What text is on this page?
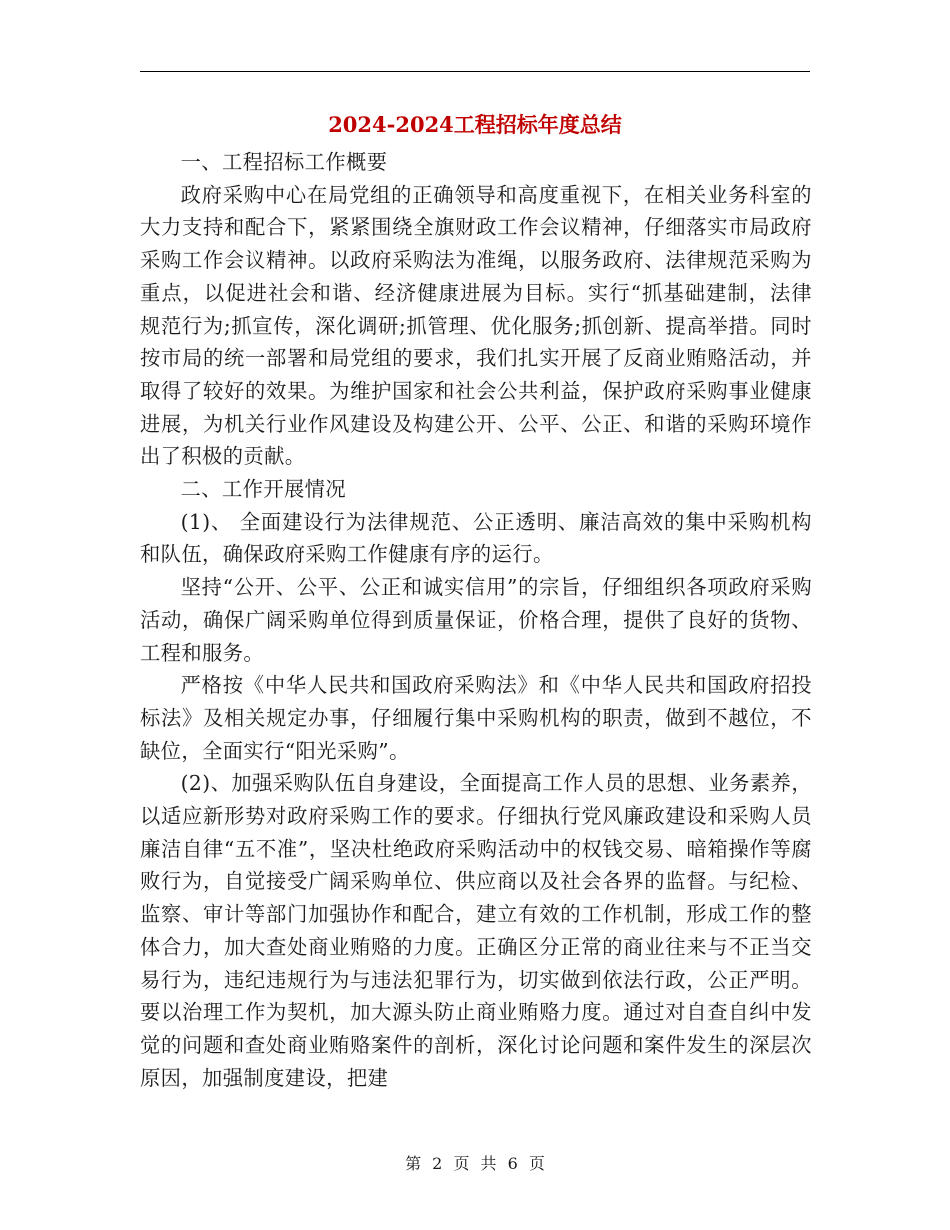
2024-2024工程招标年度总结

一、工程招标工作概要

政府采购中心在局党组的正确领导和高度重视下，在相关业务科室的大力支持和配合下，紧紧围绕全旗财政工作会议精神，仔细落实市局政府采购工作会议精神。以政府采购法为准绳，以服务政府、法律规范采购为重点，以促进社会和谐、经济健康进展为目标。实行“抓基础建制，法律规范行为;抓宣传，深化调研;抓管理、优化服务;抓创新、提高举措。同时按市局的统一部署和局党组的要求，我们扎实开展了反商业贿赂活动，并取得了较好的效果。为维护国家和社会公共利益，保护政府采购事业健康进展，为机关行业作风建设及构建公开、公平、公正、和谐的采购环境作出了积极的贡献。

二、工作开展情况

(1)、 全面建设行为法律规范、公正透明、廉洁高效的集中采购机构和队伍，确保政府采购工作健康有序的运行。

坚持“公开、公平、公正和诚实信用”的宗旨，仔细组织各项政府采购活动，确保广阔采购单位得到质量保证，价格合理，提供了良好的货物、工程和服务。

严格按《中华人民共和国政府采购法》和《中华人民共和国政府招投标法》及相关规定办事，仔细履行集中采购机构的职责，做到不越位，不缺位，全面实行“阳光采购”。

(2)、加强采购队伍自身建设，全面提高工作人员的思想、业务素养，以适应新形势对政府采购工作的要求。仔细执行党风廉政建设和采购人员廉洁自律“五不准”，坚决杜绝政府采购活动中的权钱交易、暗箱操作等腐败行为，自觉接受广阔采购单位、供应商以及社会各界的监督。与纪检、监察、审计等部门加强协作和配合，建立有效的工作机制，形成工作的整体合力，加大查处商业贿赂的力度。正确区分正常的商业往来与不正当交易行为，违纪违规行为与违法犯罪行为，切实做到依法行政，公正严明。要以治理工作为契机，加大源头防止商业贿赂力度。通过对自查自纠中发觉的问题和查处商业贿赂案件的剖析，深化讨论问题和案件发生的深层次原因，加强制度建设，把建

第 2 页 共 6 页
